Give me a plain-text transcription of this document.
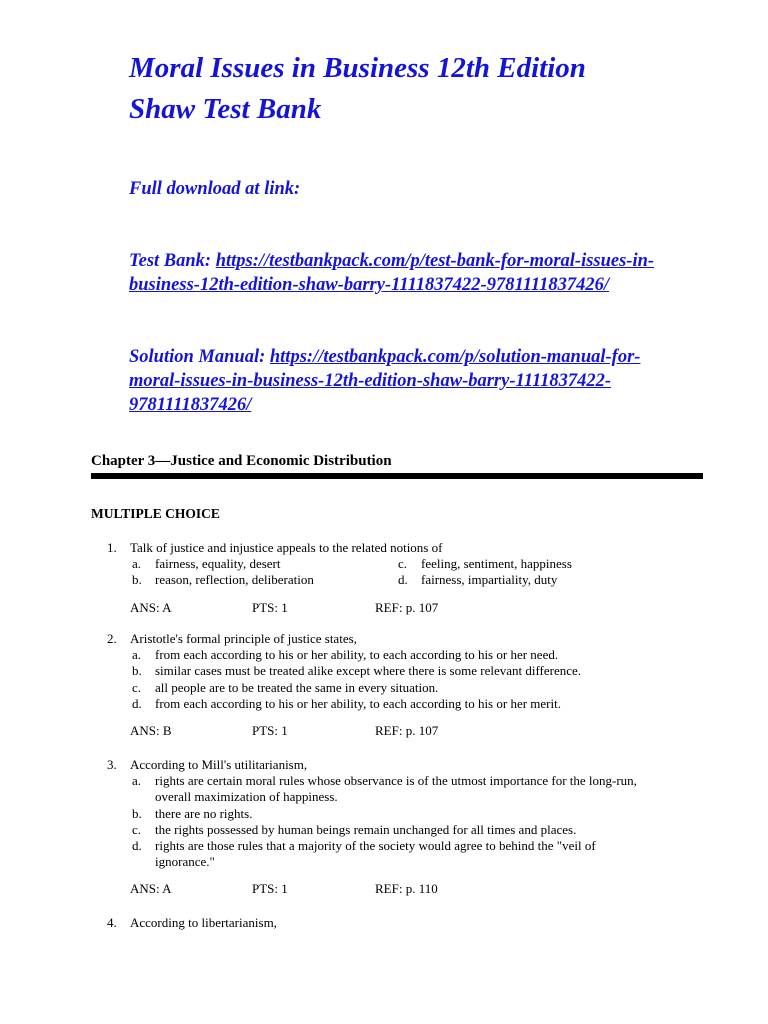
Moral Issues in Business 12th Edition
Shaw Test Bank
Full download at link:
Test Bank: https://testbankpack.com/p/test-bank-for-moral-issues-in-
business-12th-edition-shaw-barry-1111837422-9781111837426/
Solution Manual: https://testbankpack.com/p/solution-manual-for-
moral-issues-in-business-12th-edition-shaw-barry-1111837422-
9781111837426/
Chapter 3—Justice and Economic Distribution
MULTIPLE CHOICE
1. Talk of justice and injustice appeals to the related notions of
a. fairness, equality, desert	c. feeling, sentiment, happiness
b. reason, reflection, deliberation	d. fairness, impartiality, duty
ANS: A	PTS: 1	REF: p. 107
2. Aristotle's formal principle of justice states,
a. from each according to his or her ability, to each according to his or her need.
b. similar cases must be treated alike except where there is some relevant difference.
c. all people are to be treated the same in every situation.
d. from each according to his or her ability, to each according to his or her merit.
ANS: B	PTS: 1	REF: p. 107
3. According to Mill's utilitarianism,
a. rights are certain moral rules whose observance is of the utmost importance for the long-run, overall maximization of happiness.
b. there are no rights.
c. the rights possessed by human beings remain unchanged for all times and places.
d. rights are those rules that a majority of the society would agree to behind the "veil of ignorance."
ANS: A	PTS: 1	REF: p. 110
4. According to libertarianism,
